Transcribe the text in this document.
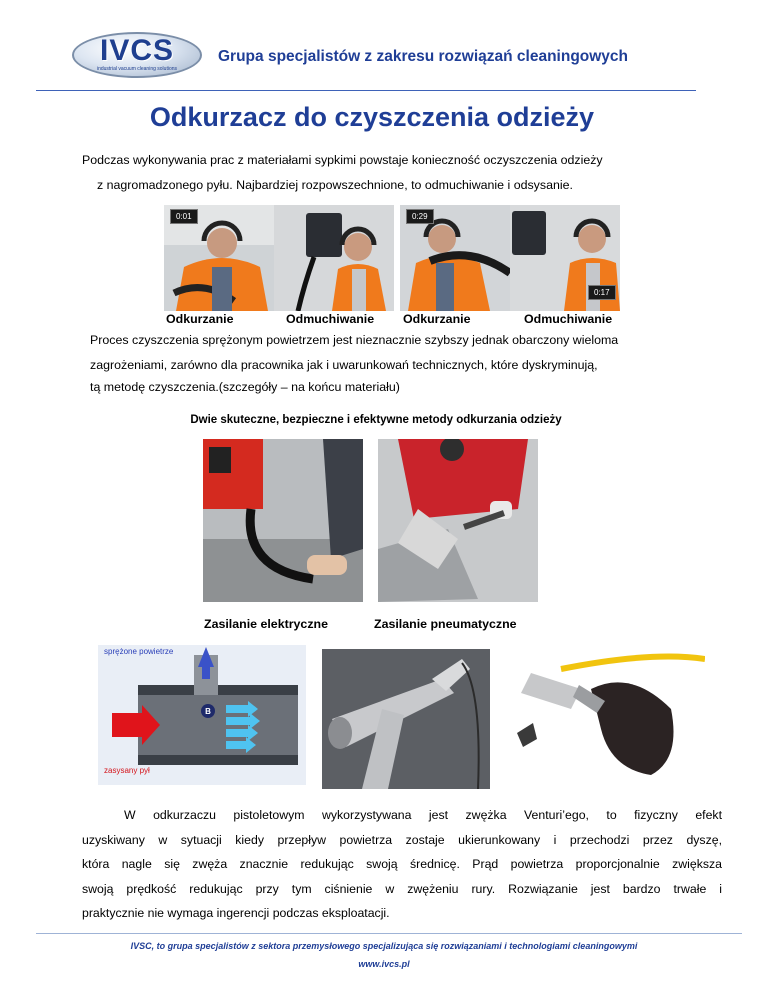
IVCS
industrial vacuum cleaning solutions
Grupa specjalistów z zakresu rozwiązań cleaningowych
Odkurzacz do czyszczenia odzieży
Podczas wykonywania prac z materiałami sypkimi powstaje konieczność oczyszczenia odzieży
z nagromadzonego pyłu. Najbardziej rozpowszechnione, to odmuchiwanie i odsysanie.
0:01	0:29
0:17
Odkurzanie	Odmuchiwanie Odkurzanie	Odmuchiwanie
Proces czyszczenia sprężonym powietrzem jest nieznacznie szybszy jednak obarczony wieloma
zagrożeniami, zarówno dla pracownika jak i uwarunkowań technicznych, które dyskryminują,
tą metodę czyszczenia.(szczegóły – na końcu materiału)
Dwie skuteczne, bezpieczne i efektywne metody odkurzania odzieży
Zasilanie elektryczne	Zasilanie pneumatyczne
B
sprężone powietrze
zasysany pył
W odkurzaczu pistoletowym wykorzystywana jest zwężka Venturi’ego, to fizyczny efekt
uzyskiwany w sytuacji kiedy przepływ powietrza zostaje ukierunkowany i przechodzi przez dyszę,
która nagle się zwęża znacznie redukując swoją średnicę. Prąd powietrza proporcjonalnie zwiększa
swoją prędkość redukując przy tym ciśnienie w zwężeniu rury. Rozwiązanie jest bardzo trwałe i
praktycznie nie wymaga ingerencji podczas eksploatacji.
IVSC, to grupa specjalistów z sektora przemysłowego specjalizująca się rozwiązaniami i technologiami cleaningowymi
www.ivcs.pl
